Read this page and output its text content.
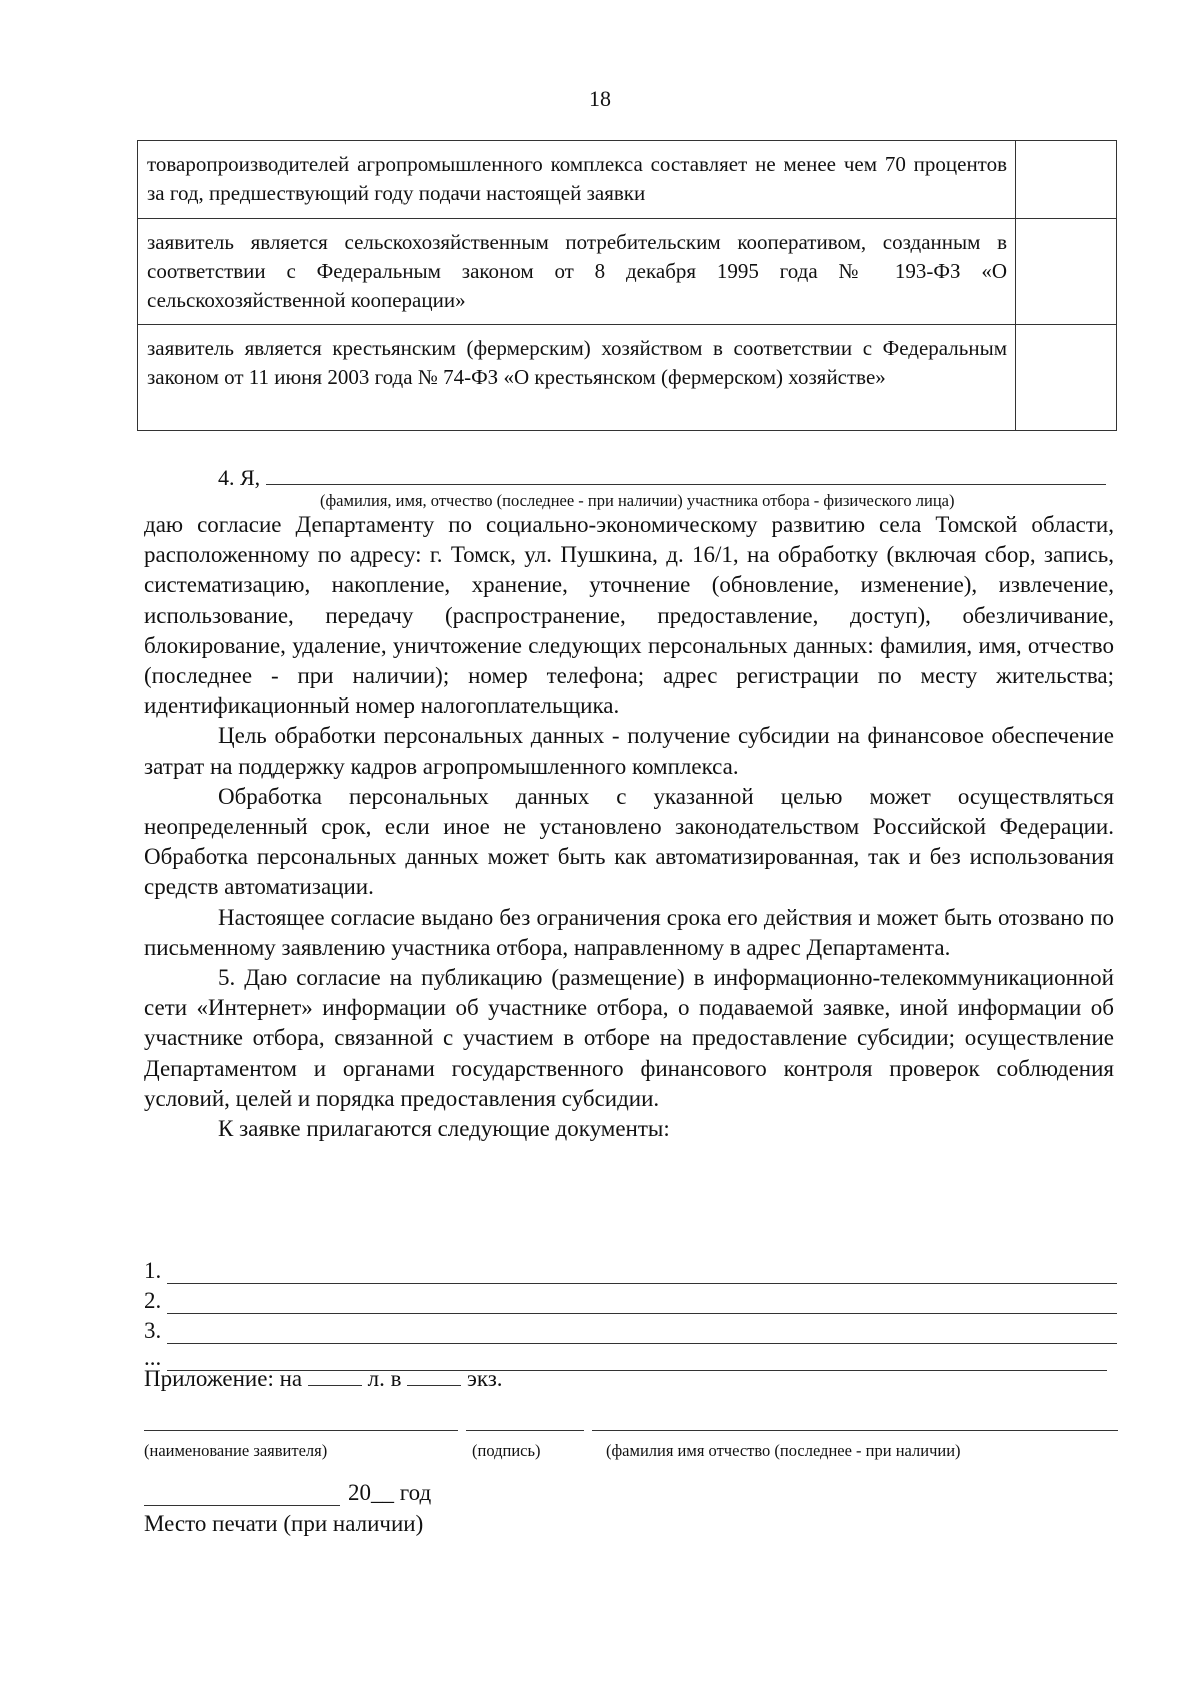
18
товаропроизводителей агропромышленного комплекса составляет не менее чем 70 процентов за год, предшествующий году подачи настоящей заявки	
заявитель является сельскохозяйственным потребительским кооперативом, созданным в соответствии с Федеральным законом от 8 декабря 1995 года № 193-ФЗ «О сельскохозяйственной кооперации»	
заявитель является крестьянским (фермерским) хозяйством в соответствии с Федеральным законом от 11 июня 2003 года № 74-ФЗ «О крестьянском (фермерском) хозяйстве»	
4. Я,
(фамилия, имя, отчество (последнее - при наличии) участника отбора - физического лица)

даю согласие Департаменту по социально-экономическому развитию села Томской области, расположенному по адресу: г. Томск, ул. Пушкина, д. 16/1, на обработку (включая сбор, запись, систематизацию, накопление, хранение, уточнение (обновление, изменение), извлечение, использование, передачу (распространение, предоставление, доступ), обезличивание, блокирование, удаление, уничтожение следующих персональных данных: фамилия, имя, отчество (последнее - при наличии); номер телефона; адрес регистрации по месту жительства; идентификационный номер налогоплательщика.

Цель обработки персональных данных - получение субсидии на финансовое обеспечение затрат на поддержку кадров агропромышленного комплекса.

Обработка персональных данных с указанной целью может осуществляться неопределенный срок, если иное не установлено законодательством Российской Федерации. Обработка персональных данных может быть как автоматизированная, так и без использования средств автоматизации.

Настоящее согласие выдано без ограничения срока его действия и может быть отозвано по письменному заявлению участника отбора, направленному в адрес Департамента.

5. Даю согласие на публикацию (размещение) в информационно-телекоммуникационной сети «Интернет» информации об участнике отбора, о подаваемой заявке, иной информации об участнике отбора, связанной с участием в отборе на предоставление субсидии; осуществление Департаментом и органами государственного финансового контроля проверок соблюдения условий, целей и порядка предоставления субсидии.

К заявке прилагаются следующие документы:

1.
2.
3.
...
Приложение: на	л. в	экз.
(наименование заявителя)	(подпись)	(фамилия имя отчество (последнее - при наличии)
20__ год
Место печати (при наличии)
